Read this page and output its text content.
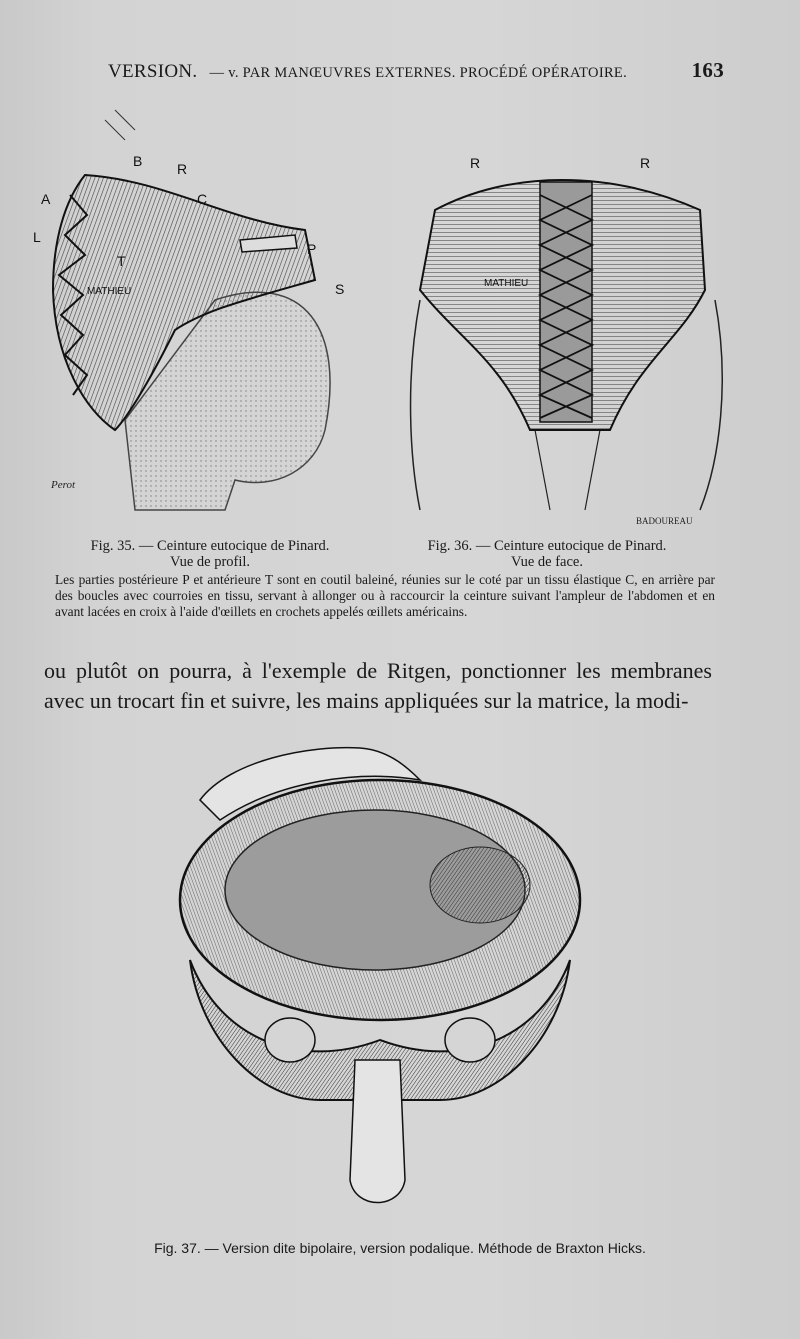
VERSION. — v. PAR MANŒUVRES EXTERNES. PROCÉDÉ OPÉRATOIRE.	163
B R
C
A
L
T
P
S
MATHIEU
Perot
R	R
MATHIEU
BADOUREAU
Fig. 35. — Ceinture eutocique de Pinard.
Vue de profil.
Fig. 36. — Ceinture eutocique de Pinard.
Vue de face.
Les parties postérieure P et antérieure T sont en coutil baleiné, réunies sur le coté par un tissu élastique C, en arrière par des boucles avec courroies en tissu, servant à allonger ou à raccourcir la ceinture suivant l'ampleur de l'abdomen et en avant lacées en croix à l'aide d'œillets en crochets appelés œillets américains.
ou plutôt on pourra, à l'exemple de Ritgen, ponctionner les membranes avec un trocart fin et suivre, les mains appliquées sur la matrice, la modi-
Fig. 37. — Version dite bipolaire, version podalique. Méthode de Braxton Hicks.
